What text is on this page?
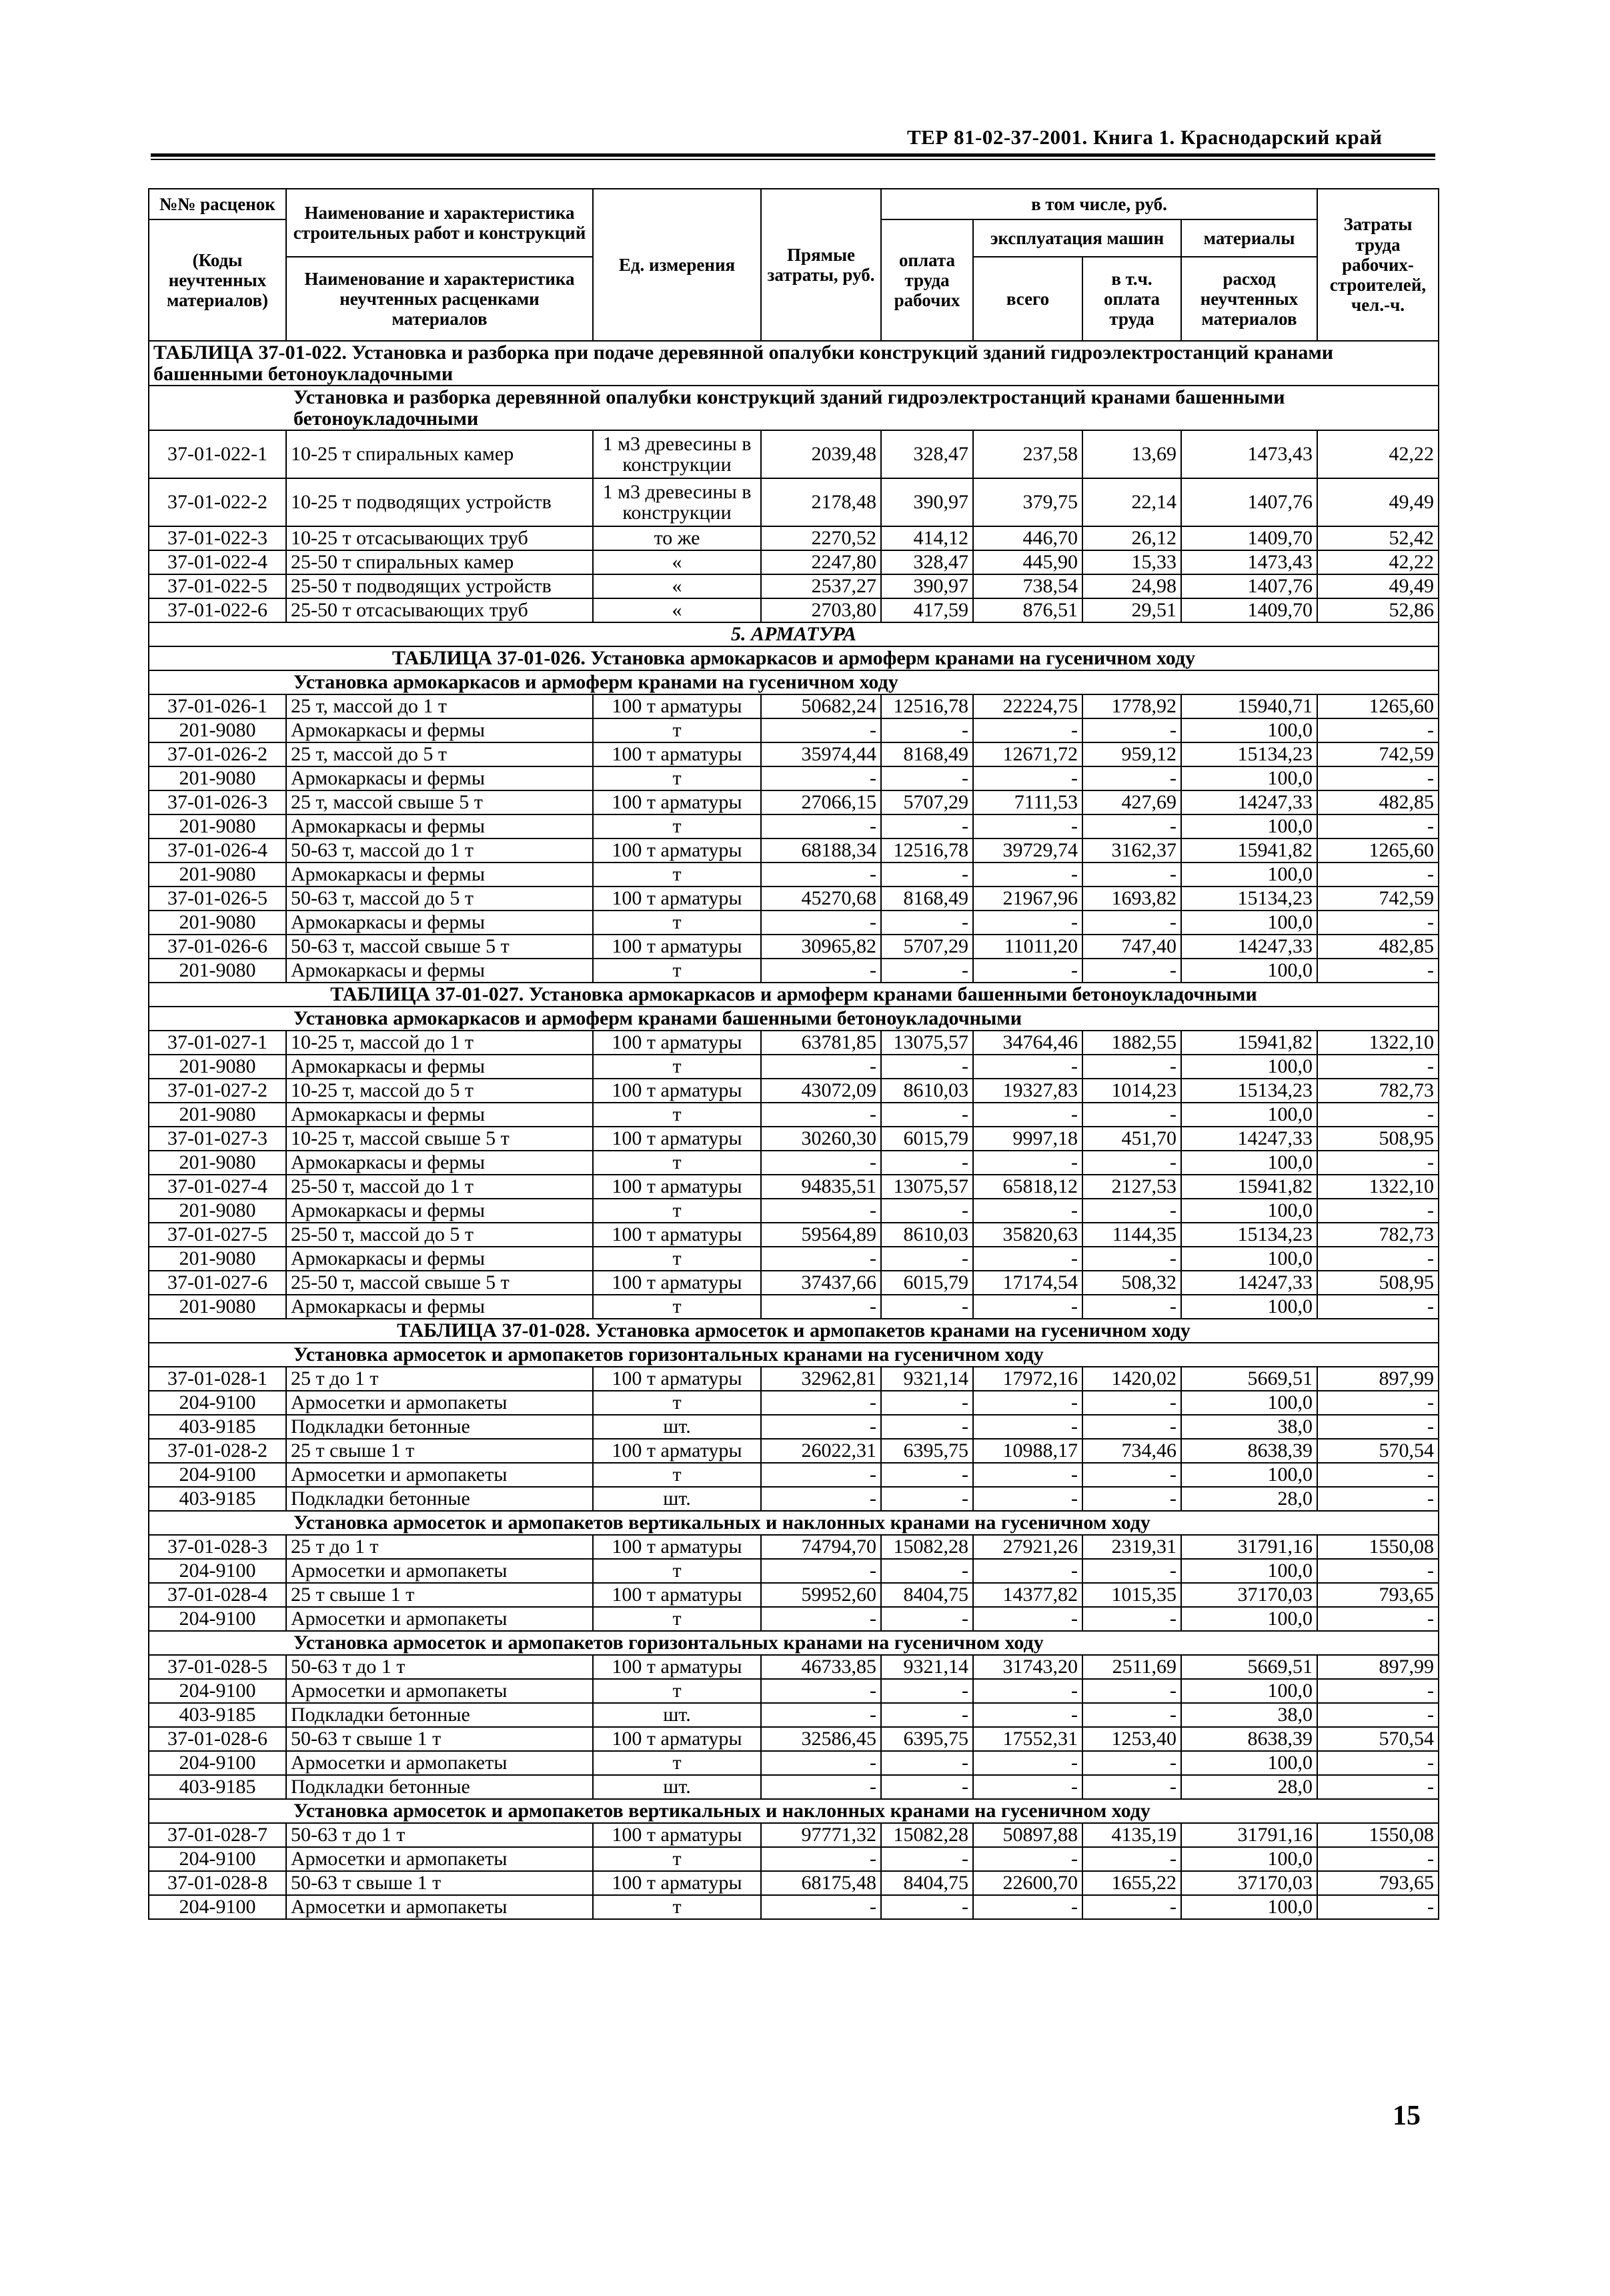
ТЕР 81-02-37-2001. Книга 1. Краснодарский край
№№ расценок	Наименование и характеристика строительных работ и конструкций	Ед. измерения	Прямые затраты, руб.	в том числе, руб.				Затраты труда рабочих-строителей, чел.-ч.
(Коды неучтенных материалов)				оплата труда рабочих	эксплуатация машин		материалы	
	Наименование и характеристика неучтенных расценками материалов				всего	в т.ч. оплата труда	расход неучтенных материалов	

ТАБЛИЦА 37-01-022. Установка и разборка при подаче деревянной опалубки конструкций зданий гидроэлектростанций кранами башенными бетоноукладочными								
Установка и разборка деревянной опалубки конструкций зданий гидроэлектростанций кранами башенными бетоноукладочными								
37-01-022-1	10-25 т спиральных камер	1 м3 древесины в конструкции	2039,48	328,47	237,58	13,69	1473,43	42,22
37-01-022-2	10-25 т подводящих устройств	1 м3 древесины в конструкции	2178,48	390,97	379,75	22,14	1407,76	49,49
37-01-022-3	10-25 т отсасывающих труб	то же	2270,52	414,12	446,70	26,12	1409,70	52,42
37-01-022-4	25-50 т спиральных камер	«	2247,80	328,47	445,90	15,33	1473,43	42,22
37-01-022-5	25-50 т подводящих устройств	«	2537,27	390,97	738,54	24,98	1407,76	49,49
37-01-022-6	25-50 т отсасывающих труб	«	2703,80	417,59	876,51	29,51	1409,70	52,86
5. АРМАТУРА								
ТАБЛИЦА 37-01-026. Установка армокаркасов и армоферм кранами на гусеничном ходу								
Установка армокаркасов и армоферм кранами на гусеничном ходу								
37-01-026-1	25 т, массой до 1 т	100 т арматуры	50682,24	12516,78	22224,75	1778,92	15940,71	1265,60
201-9080	Армокаркасы и фермы	т	-	-	-	-	100,0	-
37-01-026-2	25 т, массой до 5 т	100 т арматуры	35974,44	8168,49	12671,72	959,12	15134,23	742,59
201-9080	Армокаркасы и фермы	т	-	-	-	-	100,0	-
37-01-026-3	25 т, массой свыше 5 т	100 т арматуры	27066,15	5707,29	7111,53	427,69	14247,33	482,85
201-9080	Армокаркасы и фермы	т	-	-	-	-	100,0	-
37-01-026-4	50-63 т, массой до 1 т	100 т арматуры	68188,34	12516,78	39729,74	3162,37	15941,82	1265,60
201-9080	Армокаркасы и фермы	т	-	-	-	-	100,0	-
37-01-026-5	50-63 т, массой до 5 т	100 т арматуры	45270,68	8168,49	21967,96	1693,82	15134,23	742,59
201-9080	Армокаркасы и фермы	т	-	-	-	-	100,0	-
37-01-026-6	50-63 т, массой свыше 5 т	100 т арматуры	30965,82	5707,29	11011,20	747,40	14247,33	482,85
201-9080	Армокаркасы и фермы	т	-	-	-	-	100,0	-
ТАБЛИЦА 37-01-027. Установка армокаркасов и армоферм кранами башенными бетоноукладочными								
Установка армокаркасов и армоферм кранами башенными бетоноукладочными								
37-01-027-1	10-25 т, массой до 1 т	100 т арматуры	63781,85	13075,57	34764,46	1882,55	15941,82	1322,10
201-9080	Армокаркасы и фермы	т	-	-	-	-	100,0	-
37-01-027-2	10-25 т, массой до 5 т	100 т арматуры	43072,09	8610,03	19327,83	1014,23	15134,23	782,73
201-9080	Армокаркасы и фермы	т	-	-	-	-	100,0	-
37-01-027-3	10-25 т, массой свыше 5 т	100 т арматуры	30260,30	6015,79	9997,18	451,70	14247,33	508,95
201-9080	Армокаркасы и фермы	т	-	-	-	-	100,0	-
37-01-027-4	25-50 т, массой до 1 т	100 т арматуры	94835,51	13075,57	65818,12	2127,53	15941,82	1322,10
201-9080	Армокаркасы и фермы	т	-	-	-	-	100,0	-
37-01-027-5	25-50 т, массой до 5 т	100 т арматуры	59564,89	8610,03	35820,63	1144,35	15134,23	782,73
201-9080	Армокаркасы и фермы	т	-	-	-	-	100,0	-
37-01-027-6	25-50 т, массой свыше 5 т	100 т арматуры	37437,66	6015,79	17174,54	508,32	14247,33	508,95
201-9080	Армокаркасы и фермы	т	-	-	-	-	100,0	-
ТАБЛИЦА 37-01-028. Установка армосеток и армопакетов кранами на гусеничном ходу								
Установка армосеток и армопакетов горизонтальных кранами на гусеничном ходу								
37-01-028-1	25 т до 1 т	100 т арматуры	32962,81	9321,14	17972,16	1420,02	5669,51	897,99
204-9100	Армосетки и армопакеты	т	-	-	-	-	100,0	-
403-9185	Подкладки бетонные	шт.	-	-	-	-	38,0	-
37-01-028-2	25 т свыше 1 т	100 т арматуры	26022,31	6395,75	10988,17	734,46	8638,39	570,54
204-9100	Армосетки и армопакеты	т	-	-	-	-	100,0	-
403-9185	Подкладки бетонные	шт.	-	-	-	-	28,0	-
Установка армосеток и армопакетов вертикальных и наклонных кранами на гусеничном ходу								
37-01-028-3	25 т до 1 т	100 т арматуры	74794,70	15082,28	27921,26	2319,31	31791,16	1550,08
204-9100	Армосетки и армопакеты	т	-	-	-	-	100,0	-
37-01-028-4	25 т свыше 1 т	100 т арматуры	59952,60	8404,75	14377,82	1015,35	37170,03	793,65
204-9100	Армосетки и армопакеты	т	-	-	-	-	100,0	-
Установка армосеток и армопакетов горизонтальных кранами на гусеничном ходу								
37-01-028-5	50-63 т до 1 т	100 т арматуры	46733,85	9321,14	31743,20	2511,69	5669,51	897,99
204-9100	Армосетки и армопакеты	т	-	-	-	-	100,0	-
403-9185	Подкладки бетонные	шт.	-	-	-	-	38,0	-
37-01-028-6	50-63 т свыше 1 т	100 т арматуры	32586,45	6395,75	17552,31	1253,40	8638,39	570,54
204-9100	Армосетки и армопакеты	т	-	-	-	-	100,0	-
403-9185	Подкладки бетонные	шт.	-	-	-	-	28,0	-
Установка армосеток и армопакетов вертикальных и наклонных кранами на гусеничном ходу								
37-01-028-7	50-63 т до 1 т	100 т арматуры	97771,32	15082,28	50897,88	4135,19	31791,16	1550,08
204-9100	Армосетки и армопакеты	т	-	-	-	-	100,0	-
37-01-028-8	50-63 т свыше 1 т	100 т арматуры	68175,48	8404,75	22600,70	1655,22	37170,03	793,65
204-9100	Армосетки и армопакеты	т	-	-	-	-	100,0	-
15
